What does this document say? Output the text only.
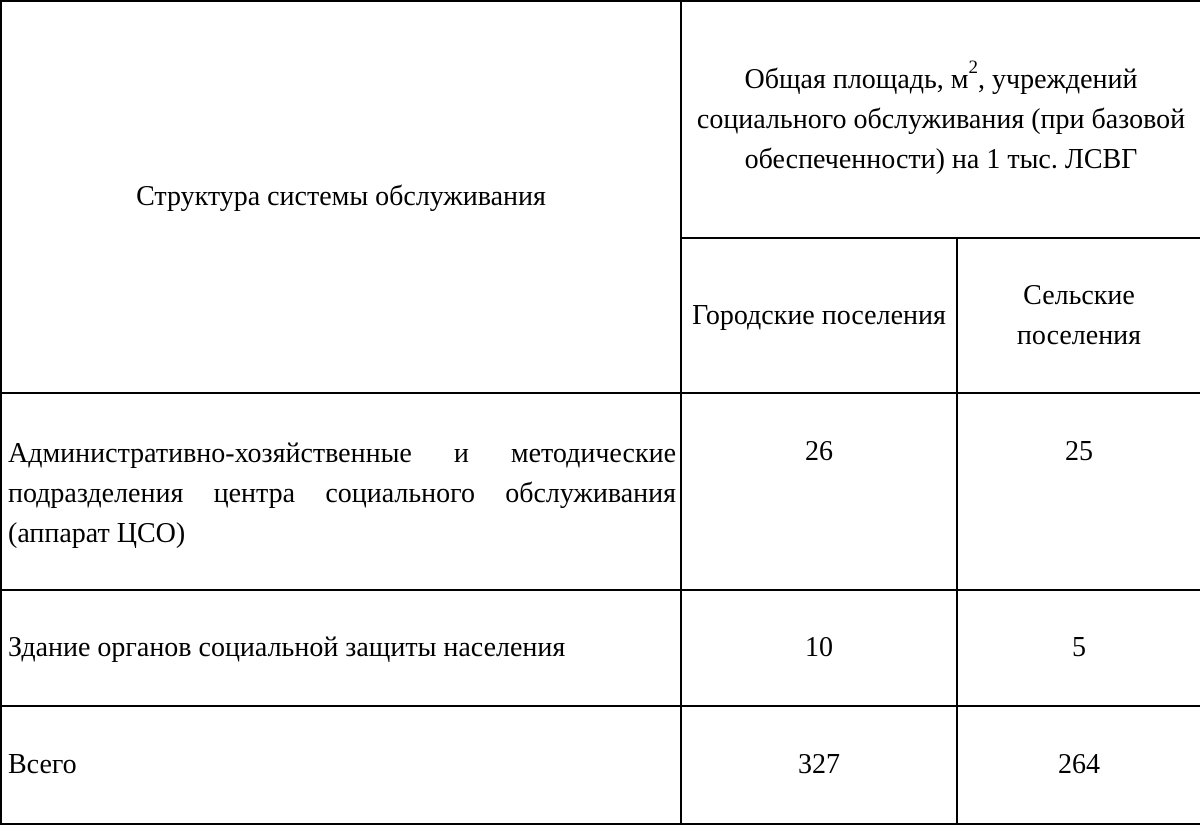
Структура системы обслуживания	Общая площадь, $м^2$, учреждений социального обслуживания (при базовой обеспеченности) на 1 тыс. ЛСВГ	
	Городские поселения	Сельские поселения
Административно-хозяйственные и методические подразделения центра социального обслуживания (аппарат ЦСО)	26	25
Здание органов социальной защиты населения	10	5
Всего	327	264
